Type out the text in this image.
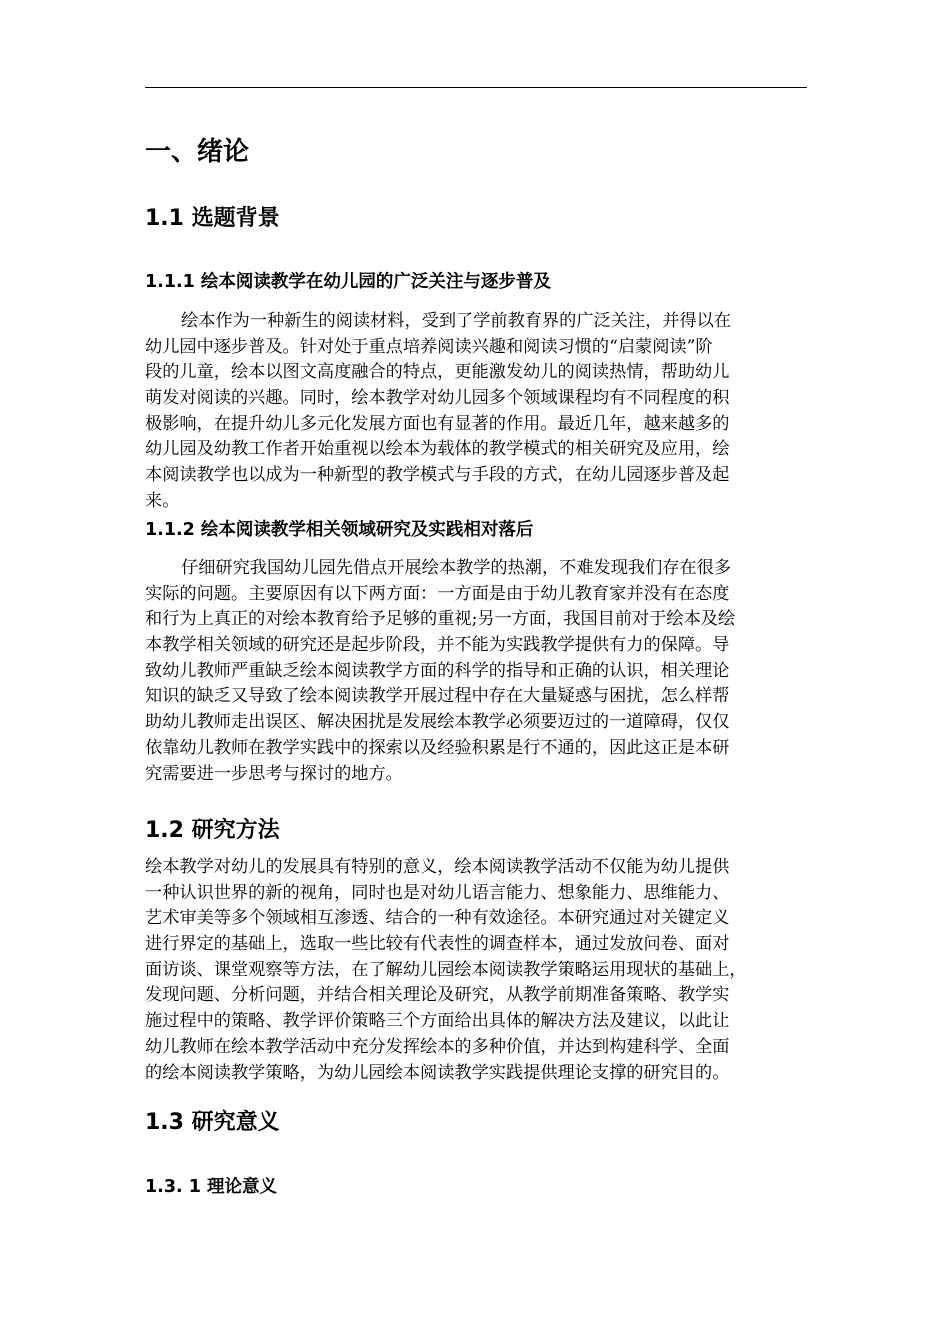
一、绪论
1.1 选题背景
1.1.1 绘本阅读教学在幼儿园的广泛关注与逐步普及
绘本作为一种新生的阅读材料，受到了学前教育界的广泛关注，并得以在
幼儿园中逐步普及。针对处于重点培养阅读兴趣和阅读习惯的“启蒙阅读”阶
段的儿童，绘本以图文高度融合的特点，更能激发幼儿的阅读热情，帮助幼儿
萌发对阅读的兴趣。同时，绘本教学对幼儿园多个领域课程均有不同程度的积
极影响，在提升幼儿多元化发展方面也有显著的作用。最近几年，越来越多的
幼儿园及幼教工作者开始重视以绘本为载体的教学模式的相关研究及应用，绘
本阅读教学也以成为一种新型的教学模式与手段的方式，在幼儿园逐步普及起
来。
1.1.2 绘本阅读教学相关领域研究及实践相对落后
仔细研究我国幼儿园先借点开展绘本教学的热潮，不难发现我们存在很多
实际的问题。主要原因有以下两方面：一方面是由于幼儿教育家并没有在态度
和行为上真正的对绘本教育给予足够的重视;另一方面，我国目前对于绘本及绘
本教学相关领域的研究还是起步阶段，并不能为实践教学提供有力的保障。导
致幼儿教师严重缺乏绘本阅读教学方面的科学的指导和正确的认识，相关理论
知识的缺乏又导致了绘本阅读教学开展过程中存在大量疑惑与困扰，怎么样帮
助幼儿教师走出误区、解决困扰是发展绘本教学必须要迈过的一道障碍，仅仅
依靠幼儿教师在教学实践中的探索以及经验积累是行不通的，因此这正是本研
究需要进一步思考与探讨的地方。
1.2 研究方法
绘本教学对幼儿的发展具有特别的意义，绘本阅读教学活动不仅能为幼儿提供
一种认识世界的新的视角，同时也是对幼儿语言能力、想象能力、思维能力、
艺术审美等多个领域相互渗透、结合的一种有效途径。本研究通过对关键定义
进行界定的基础上，选取一些比较有代表性的调查样本，通过发放问卷、面对
面访谈、课堂观察等方法，在了解幼儿园绘本阅读教学策略运用现状的基础上，
发现问题、分析问题，并结合相关理论及研究，从教学前期准备策略、教学实
施过程中的策略、教学评价策略三个方面给出具体的解决方法及建议，以此让
幼儿教师在绘本教学活动中充分发挥绘本的多种价值，并达到构建科学、全面
的绘本阅读教学策略，为幼儿园绘本阅读教学实践提供理论支撑的研究目的。
1.3 研究意义
1.3. 1 理论意义
